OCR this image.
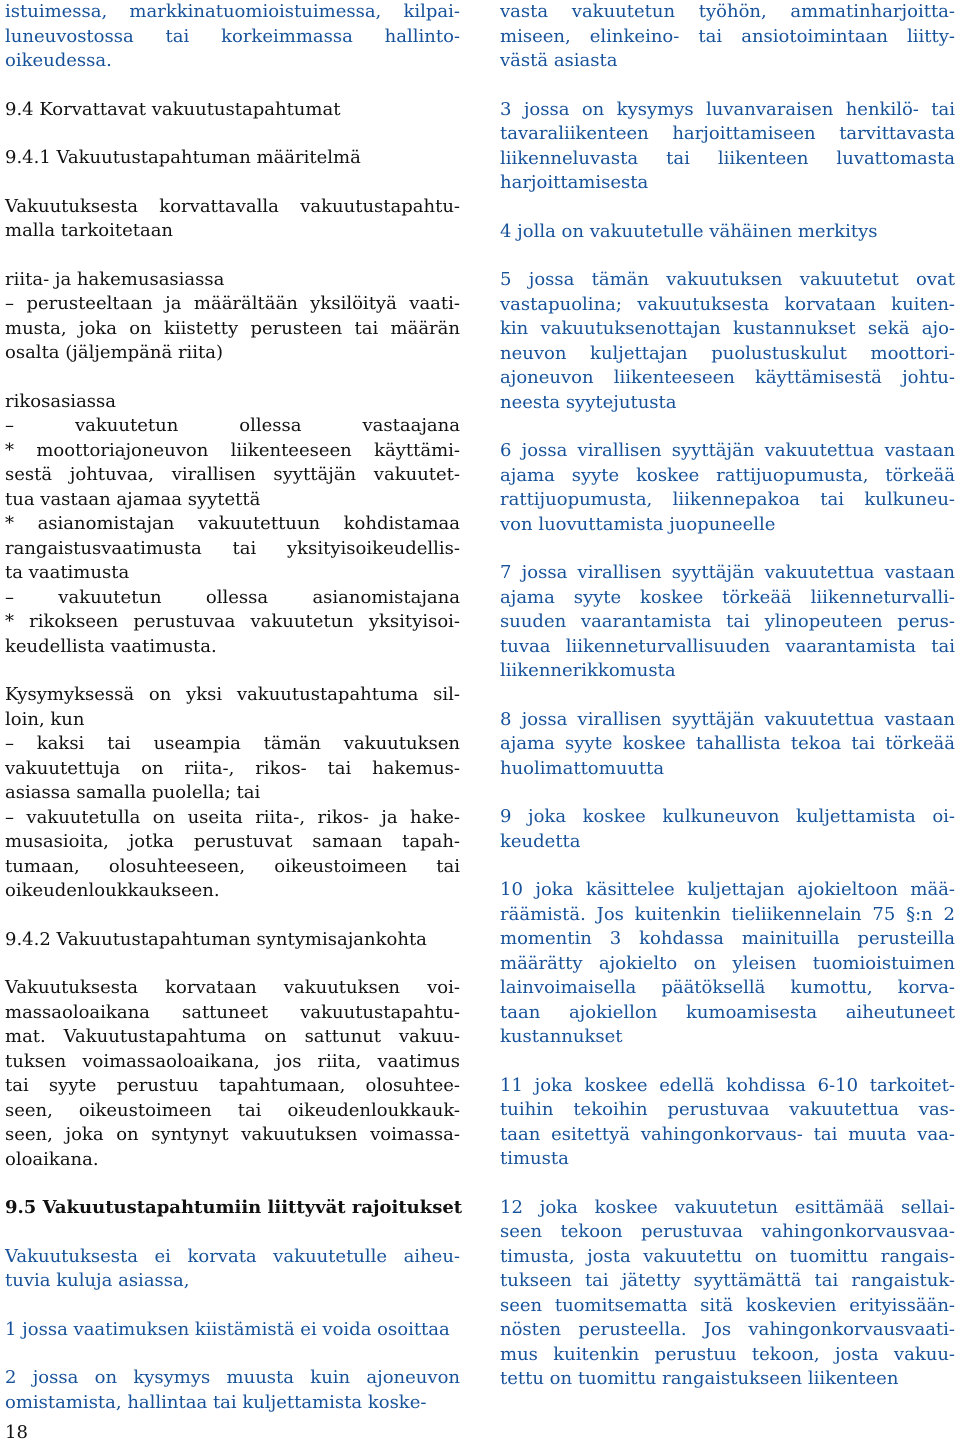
istuimessa, markkinatuomioistuimessa, kilpai-
luneuvostossa tai korkeimmassa hallinto-
oikeudessa.
9.4 Korvattavat vakuutustapahtumat
9.4.1 Vakuutustapahtuman määritelmä
Vakuutuksesta korvattavalla vakuutustapahtu-
malla tarkoitetaan
riita- ja hakemusasiassa
– perusteeltaan ja määrältään yksilöityä vaati-
musta, joka on kiistetty perusteen tai määrän
osalta (jäljempänä riita)
rikosasiassa
– vakuutetun ollessa vastaajana
* moottoriajoneuvon liikenteeseen käyttämi-
sestä johtuvaa, virallisen syyttäjän vakuutet-
tua vastaan ajamaa syytettä
* asianomistajan vakuutettuun kohdistamaa
rangaistusvaatimusta tai yksityisoikeudellis-
ta vaatimusta
– vakuutetun ollessa asianomistajana
* rikokseen perustuvaa vakuutetun yksityisoi-
keudellista vaatimusta.
Kysymyksessä on yksi vakuutustapahtuma sil-
loin, kun
– kaksi tai useampia tämän vakuutuksen
vakuutettuja on riita-, rikos- tai hakemus-
asiassa samalla puolella; tai
– vakuutetulla on useita riita-, rikos- ja hake-
musasioita, jotka perustuvat samaan tapah-
tumaan, olosuhteeseen, oikeustoimeen tai
oikeudenloukkaukseen.
9.4.2 Vakuutustapahtuman syntymisajankohta
Vakuutuksesta korvataan vakuutuksen voi-
massaoloaikana sattuneet vakuutustapahtu-
mat. Vakuutustapahtuma on sattunut vakuu-
tuksen voimassaoloaikana, jos riita, vaatimus
tai syyte perustuu tapahtumaan, olosuhtee-
seen, oikeustoimeen tai oikeudenloukkauk-
seen, joka on syntynyt vakuutuksen voimassa-
oloaikana.
9.5 Vakuutustapahtumiin liittyvät rajoitukset
Vakuutuksesta ei korvata vakuutetulle aiheu-
tuvia kuluja asiassa,
1 jossa vaatimuksen kiistämistä ei voida osoittaa
2 jossa on kysymys muusta kuin ajoneuvon
omistamista, hallintaa tai kuljettamista koske-
vasta vakuutetun työhön, ammatinharjoitta-
miseen, elinkeino- tai ansiotoimintaan liitty-
västä asiasta
3 jossa on kysymys luvanvaraisen henkilö- tai
tavaraliikenteen harjoittamiseen tarvittavasta
liikenneluvasta tai liikenteen luvattomasta
harjoittamisesta
4 jolla on vakuutetulle vähäinen merkitys
5 jossa tämän vakuutuksen vakuutetut ovat
vastapuolina; vakuutuksesta korvataan kuiten-
kin vakuutuksenottajan kustannukset sekä ajo-
neuvon kuljettajan puolustuskulut moottori-
ajoneuvon liikenteeseen käyttämisestä johtu-
neesta syytejutusta
6 jossa virallisen syyttäjän vakuutettua vastaan
ajama syyte koskee rattijuopumusta, törkeää
rattijuopumusta, liikennepakoa tai kulkuneu-
von luovuttamista juopuneelle
7 jossa virallisen syyttäjän vakuutettua vastaan
ajama syyte koskee törkeää liikenneturvalli-
suuden vaarantamista tai ylinopeuteen perus-
tuvaa liikenneturvallisuuden vaarantamista tai
liikennerikkomusta
8 jossa virallisen syyttäjän vakuutettua vastaan
ajama syyte koskee tahallista tekoa tai törkeää
huolimattomuutta
9 joka koskee kulkuneuvon kuljettamista oi-
keudetta
10 joka käsittelee kuljettajan ajokieltoon mää-
räämistä. Jos kuitenkin tieliikennelain 75 §:n 2
momentin 3 kohdassa mainituilla perusteilla
määrätty ajokielto on yleisen tuomioistuimen
lainvoimaisella päätöksellä kumottu, korva-
taan ajokiellon kumoamisesta aiheutuneet
kustannukset
11 joka koskee edellä kohdissa 6-10 tarkoitet-
tuihin tekoihin perustuvaa vakuutettua vas-
taan esitettyä vahingonkorvaus- tai muuta vaa-
timusta
12 joka koskee vakuutetun esittämää sellai-
seen tekoon perustuvaa vahingonkorvausvaa-
timusta, josta vakuutettu on tuomittu rangais-
tukseen tai jätetty syyttämättä tai rangaistuk-
seen tuomitsematta sitä koskevien erityissään-
nösten perusteella. Jos vahingonkorvausvaati-
mus kuitenkin perustuu tekoon, josta vakuu-
tettu on tuomittu rangaistukseen liikenteen
18
